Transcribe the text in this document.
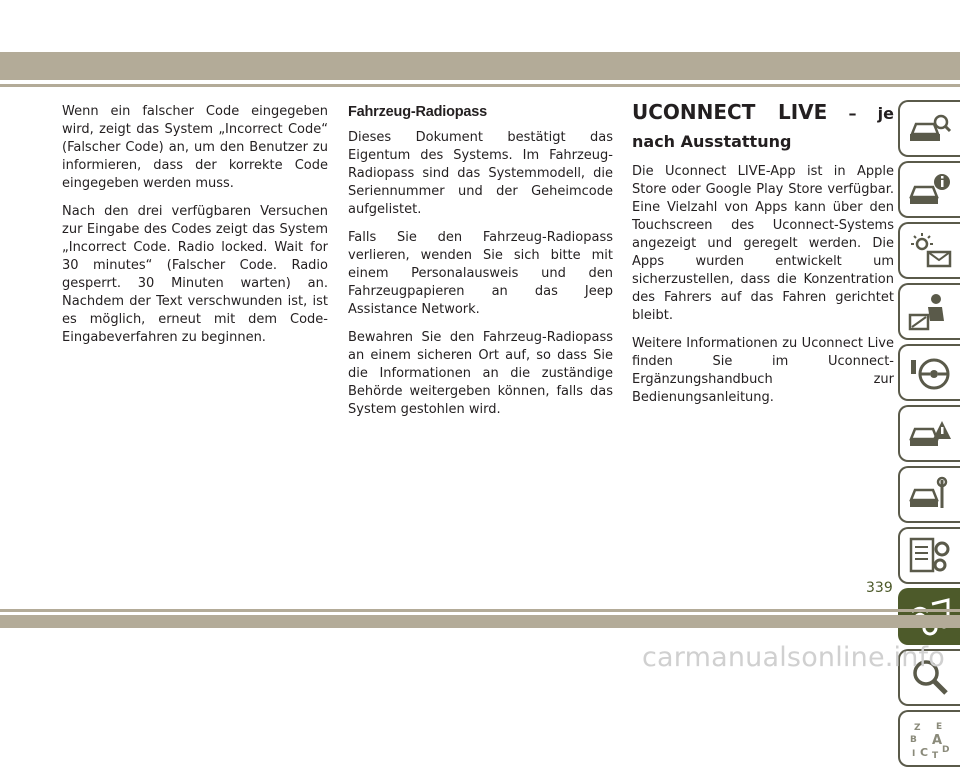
Wenn ein falscher Code eingegeben wird, zeigt das System „Incorrect Code“ (Falscher Code) an, um den Benutzer zu informieren, dass der korrekte Code eingegeben werden muss.

Nach den drei verfügbaren Versuchen zur Eingabe des Codes zeigt das System „Incorrect Code. Radio locked. Wait for 30 minutes“ (Falscher Code. Radio gesperrt. 30 Minuten warten) an. Nachdem der Text verschwunden ist, ist es möglich, erneut mit dem Code-Eingabeverfahren zu beginnen.

Fahrzeug-Radiopass

Dieses Dokument bestätigt das Eigentum des Systems. Im Fahrzeug-Radiopass sind das Systemmodell, die Seriennummer und der Geheimcode aufgelistet.

Falls Sie den Fahrzeug-Radiopass verlieren, wenden Sie sich bitte mit einem Personalausweis und den Fahrzeugpapieren an das Jeep Assistance Network.

Bewahren Sie den Fahrzeug-Radiopass an einem sicheren Ort auf, so dass Sie die Informationen an die zuständige Behörde weitergeben können, falls das System gestohlen wird.

UCONNECT LIVE – je nach Ausstattung

Die Uconnect LIVE-App ist in Apple Store oder Google Play Store verfügbar. Eine Vielzahl von Apps kann über den Touchscreen des Uconnect-Systems angezeigt und geregelt werden. Die Apps wurden entwickelt um sicherzustellen, dass die Konzentration des Fahrers auf das Fahren gerichtet bleibt.

Weitere Informationen zu Uconnect Live finden Sie im Uconnect-Ergänzungshandbuch zur Bedienungsanleitung.

Z E
B A
I C T
D
339
carmanualsonline.info
